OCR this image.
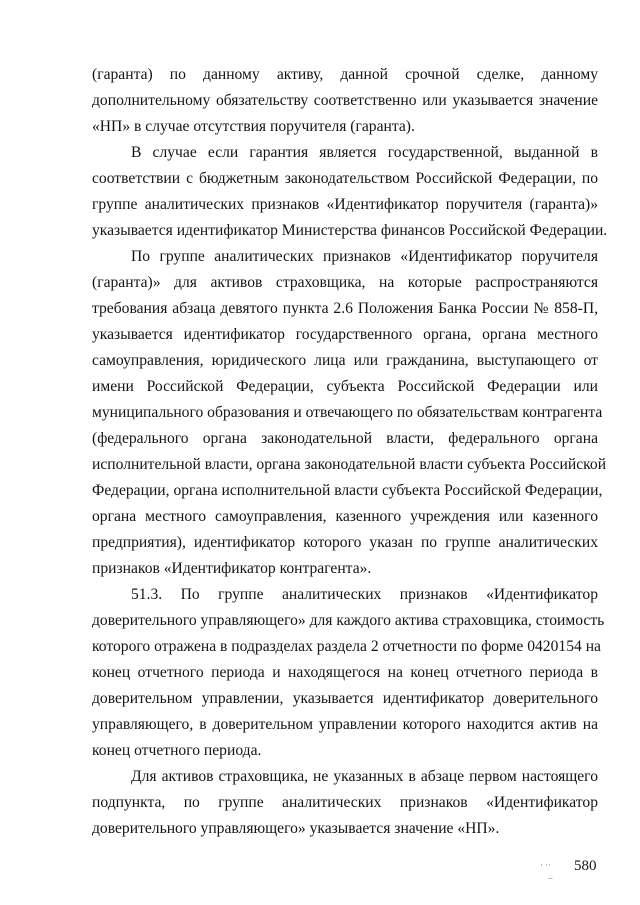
(гаранта) по данному активу, данной срочной сделке, данному
дополнительному обязательству соответственно или указывается значение
«НП» в случае отсутствия поручителя (гаранта).
В случае если гарантия является государственной, выданной в
соответствии с бюджетным законодательством Российской Федерации, по
группе аналитических признаков «Идентификатор поручителя (гаранта)»
указывается идентификатор Министерства финансов Российской Федерации.
По группе аналитических признаков «Идентификатор поручителя
(гаранта)» для активов страховщика, на которые распространяются
требования абзаца девятого пункта 2.6 Положения Банка России № 858-П,
указывается идентификатор государственного органа, органа местного
самоуправления, юридического лица или гражданина, выступающего от
имени Российской Федерации, субъекта Российской Федерации или
муниципального образования и отвечающего по обязательствам контрагента
(федерального органа законодательной власти, федерального органа
исполнительной власти, органа законодательной власти субъекта Российской
Федерации, органа исполнительной власти субъекта Российской Федерации,
органа местного самоуправления, казенного учреждения или казенного
предприятия), идентификатор которого указан по группе аналитических
признаков «Идентификатор контрагента».
51.3. По группе аналитических признаков «Идентификатор
доверительного управляющего» для каждого актива страховщика, стоимость
которого отражена в подразделах раздела 2 отчетности по форме 0420154 на
конец отчетного периода и находящегося на конец отчетного периода в
доверительном управлении, указывается идентификатор доверительного
управляющего, в доверительном управлении которого находится актив на
конец отчетного периода.
Для активов страховщика, не указанных в абзаце первом настоящего
подпункта, по группе аналитических признаков «Идентификатор
доверительного управляющего» указывается значение «НП».
· ··
–
580
